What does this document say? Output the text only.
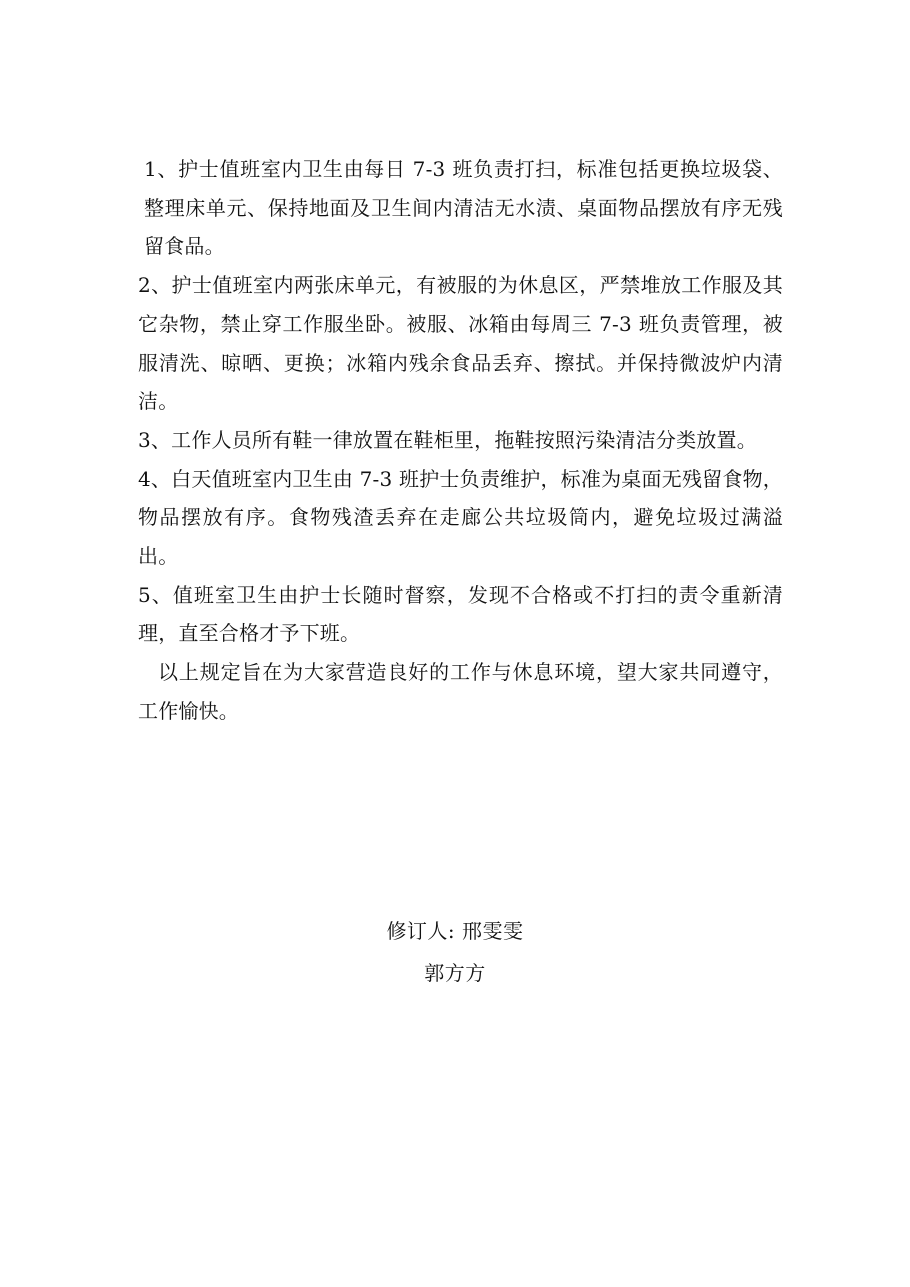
1、护士值班室内卫生由每日 7-3 班负责打扫，标准包括更换垃圾袋、整理床单元、保持地面及卫生间内清洁无水渍、桌面物品摆放有序无残留食品。

2、护士值班室内两张床单元，有被服的为休息区，严禁堆放工作服及其它杂物，禁止穿工作服坐卧。被服、冰箱由每周三 7-3 班负责管理，被服清洗、晾晒、更换；冰箱内残余食品丢弃、擦拭。并保持微波炉内清洁。

3、工作人员所有鞋一律放置在鞋柜里，拖鞋按照污染清洁分类放置。

4、白天值班室内卫生由 7-3 班护士负责维护，标准为桌面无残留食物，物品摆放有序。食物残渣丢弃在走廊公共垃圾筒内，避免垃圾过满溢出。

5、值班室卫生由护士长随时督察，发现不合格或不打扫的责令重新清理，直至合格才予下班。

以上规定旨在为大家营造良好的工作与休息环境，望大家共同遵守，工作愉快。

修订人: 邢雯雯

郭方方
